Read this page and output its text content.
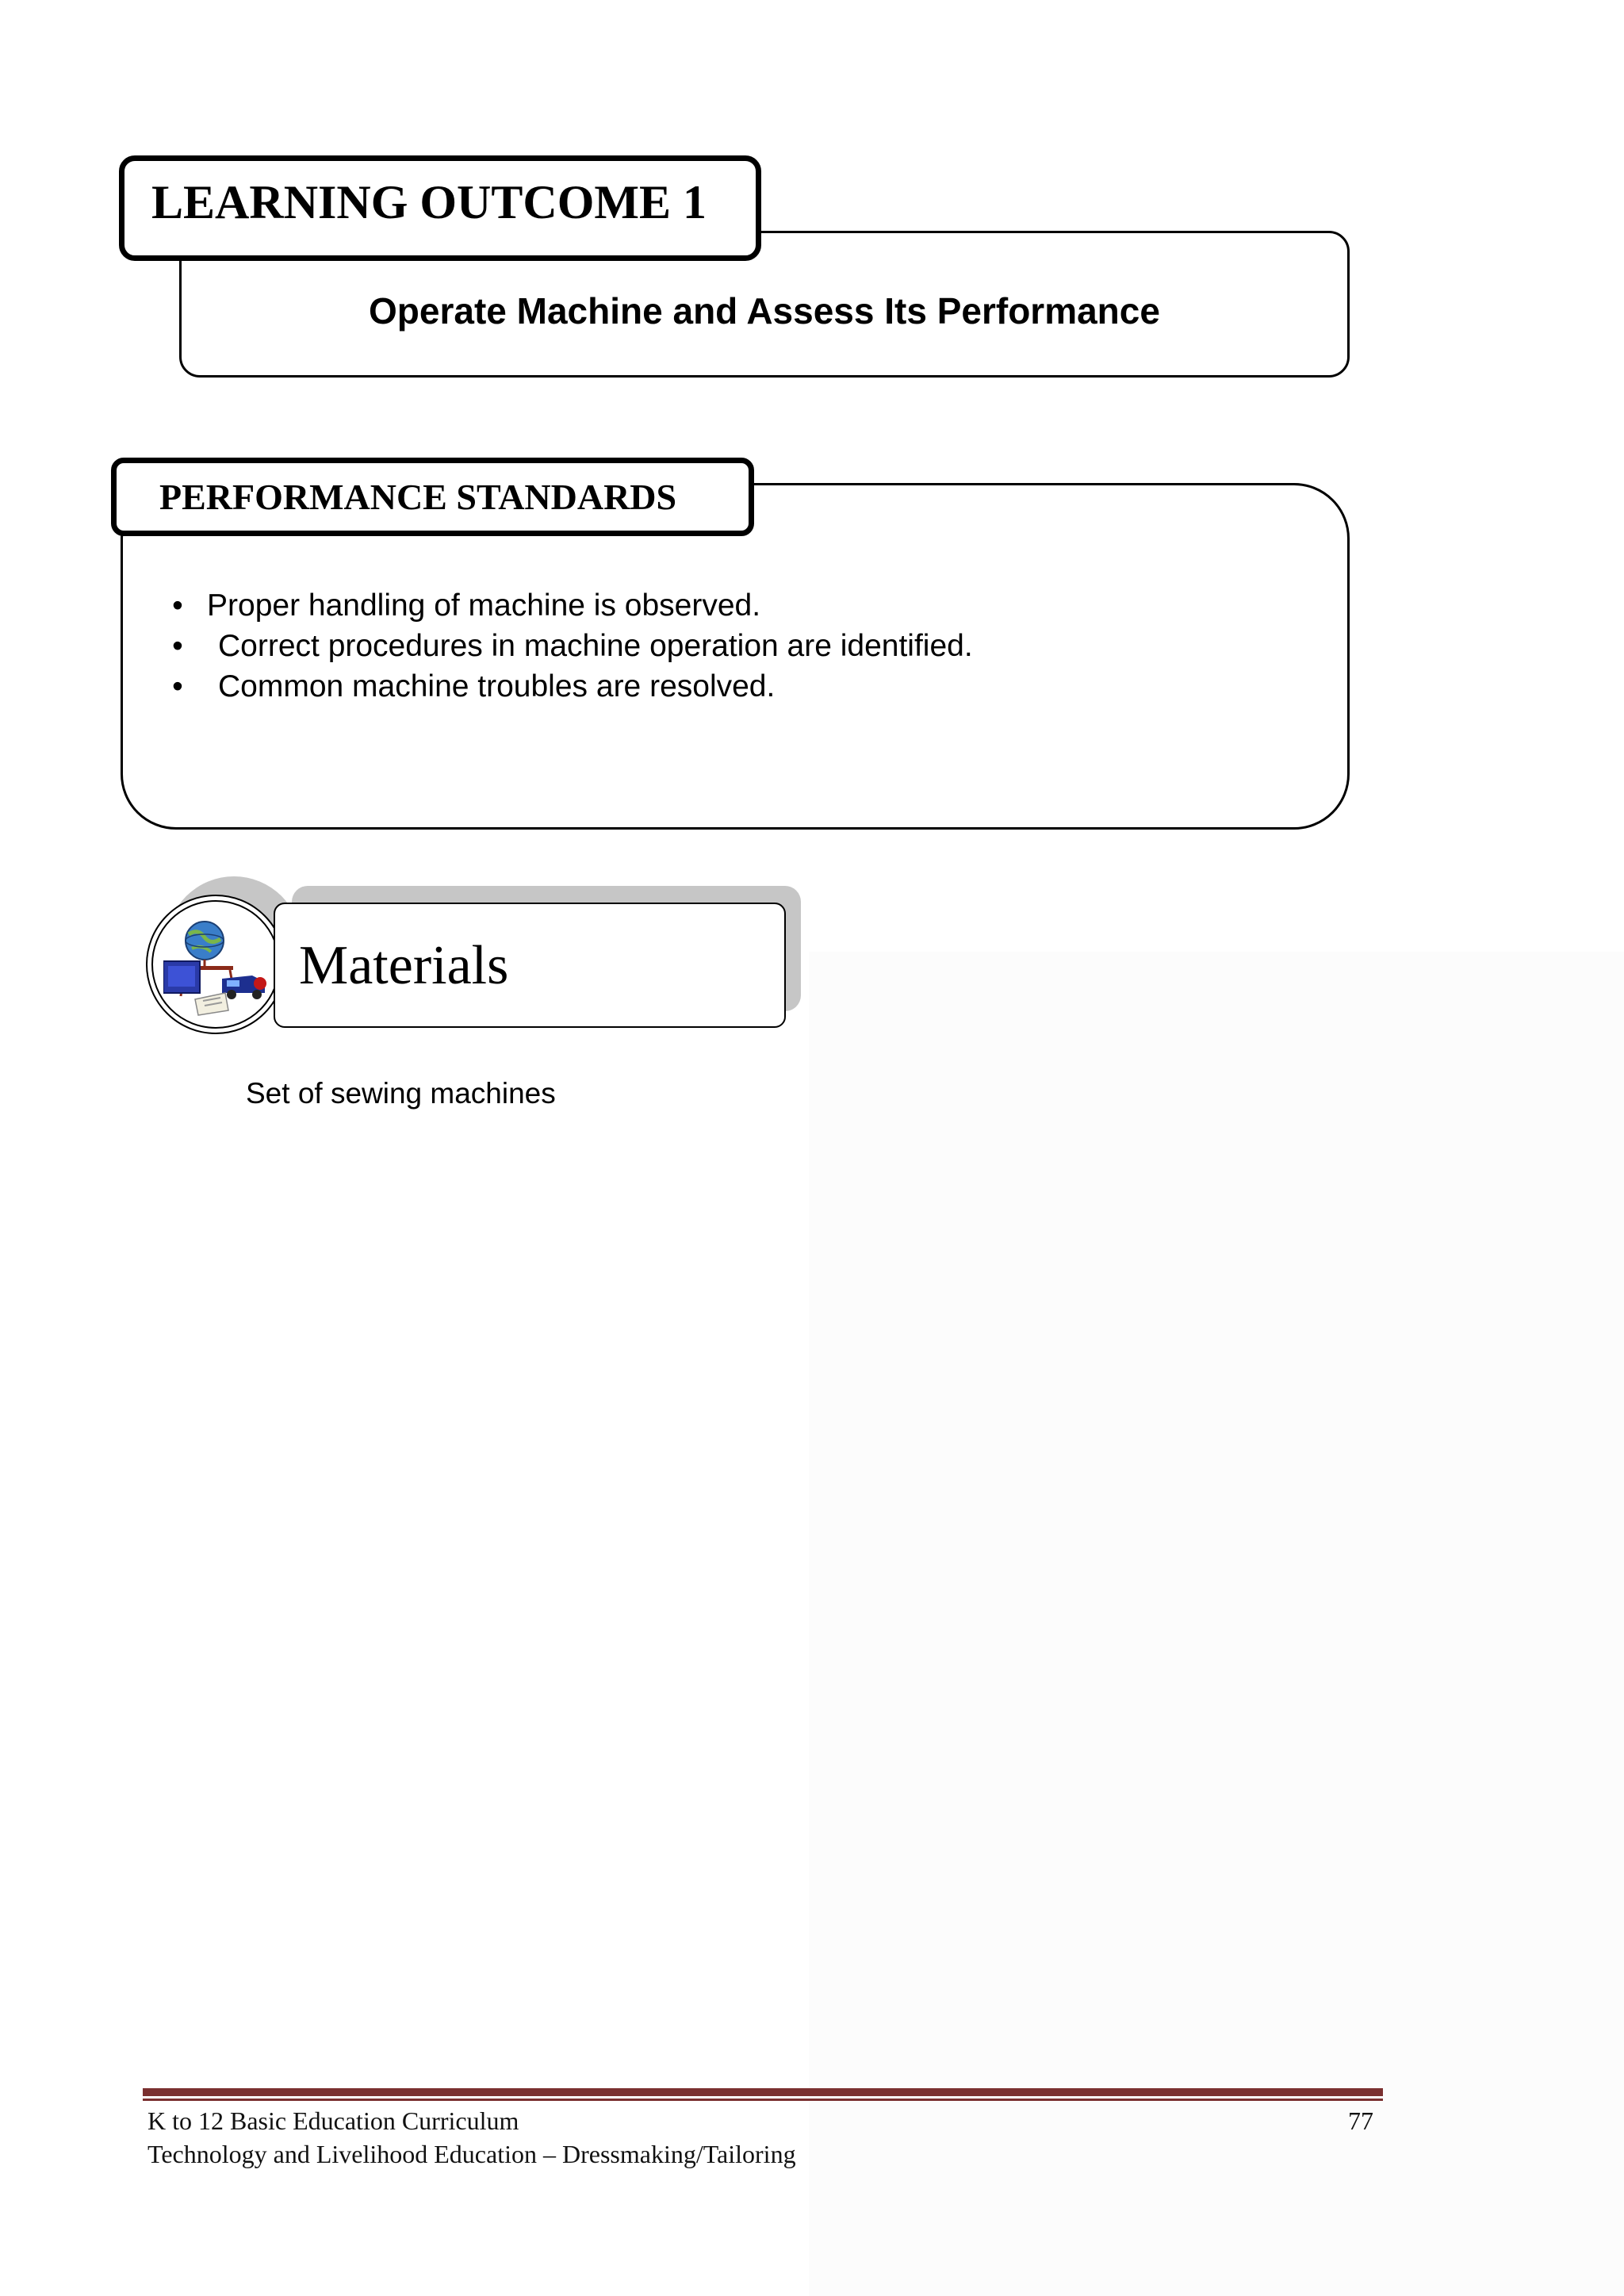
Operate Machine and Assess Its Performance
LEARNING OUTCOME 1
PERFORMANCE STANDARDS
• Proper handling of machine is observed.
• Correct procedures in machine operation are identified.
• Common machine troubles are resolved.
Materials
Set of sewing machines
K to 12 Basic Education Curriculum
Technology and Livelihood Education – Dressmaking/Tailoring
77
